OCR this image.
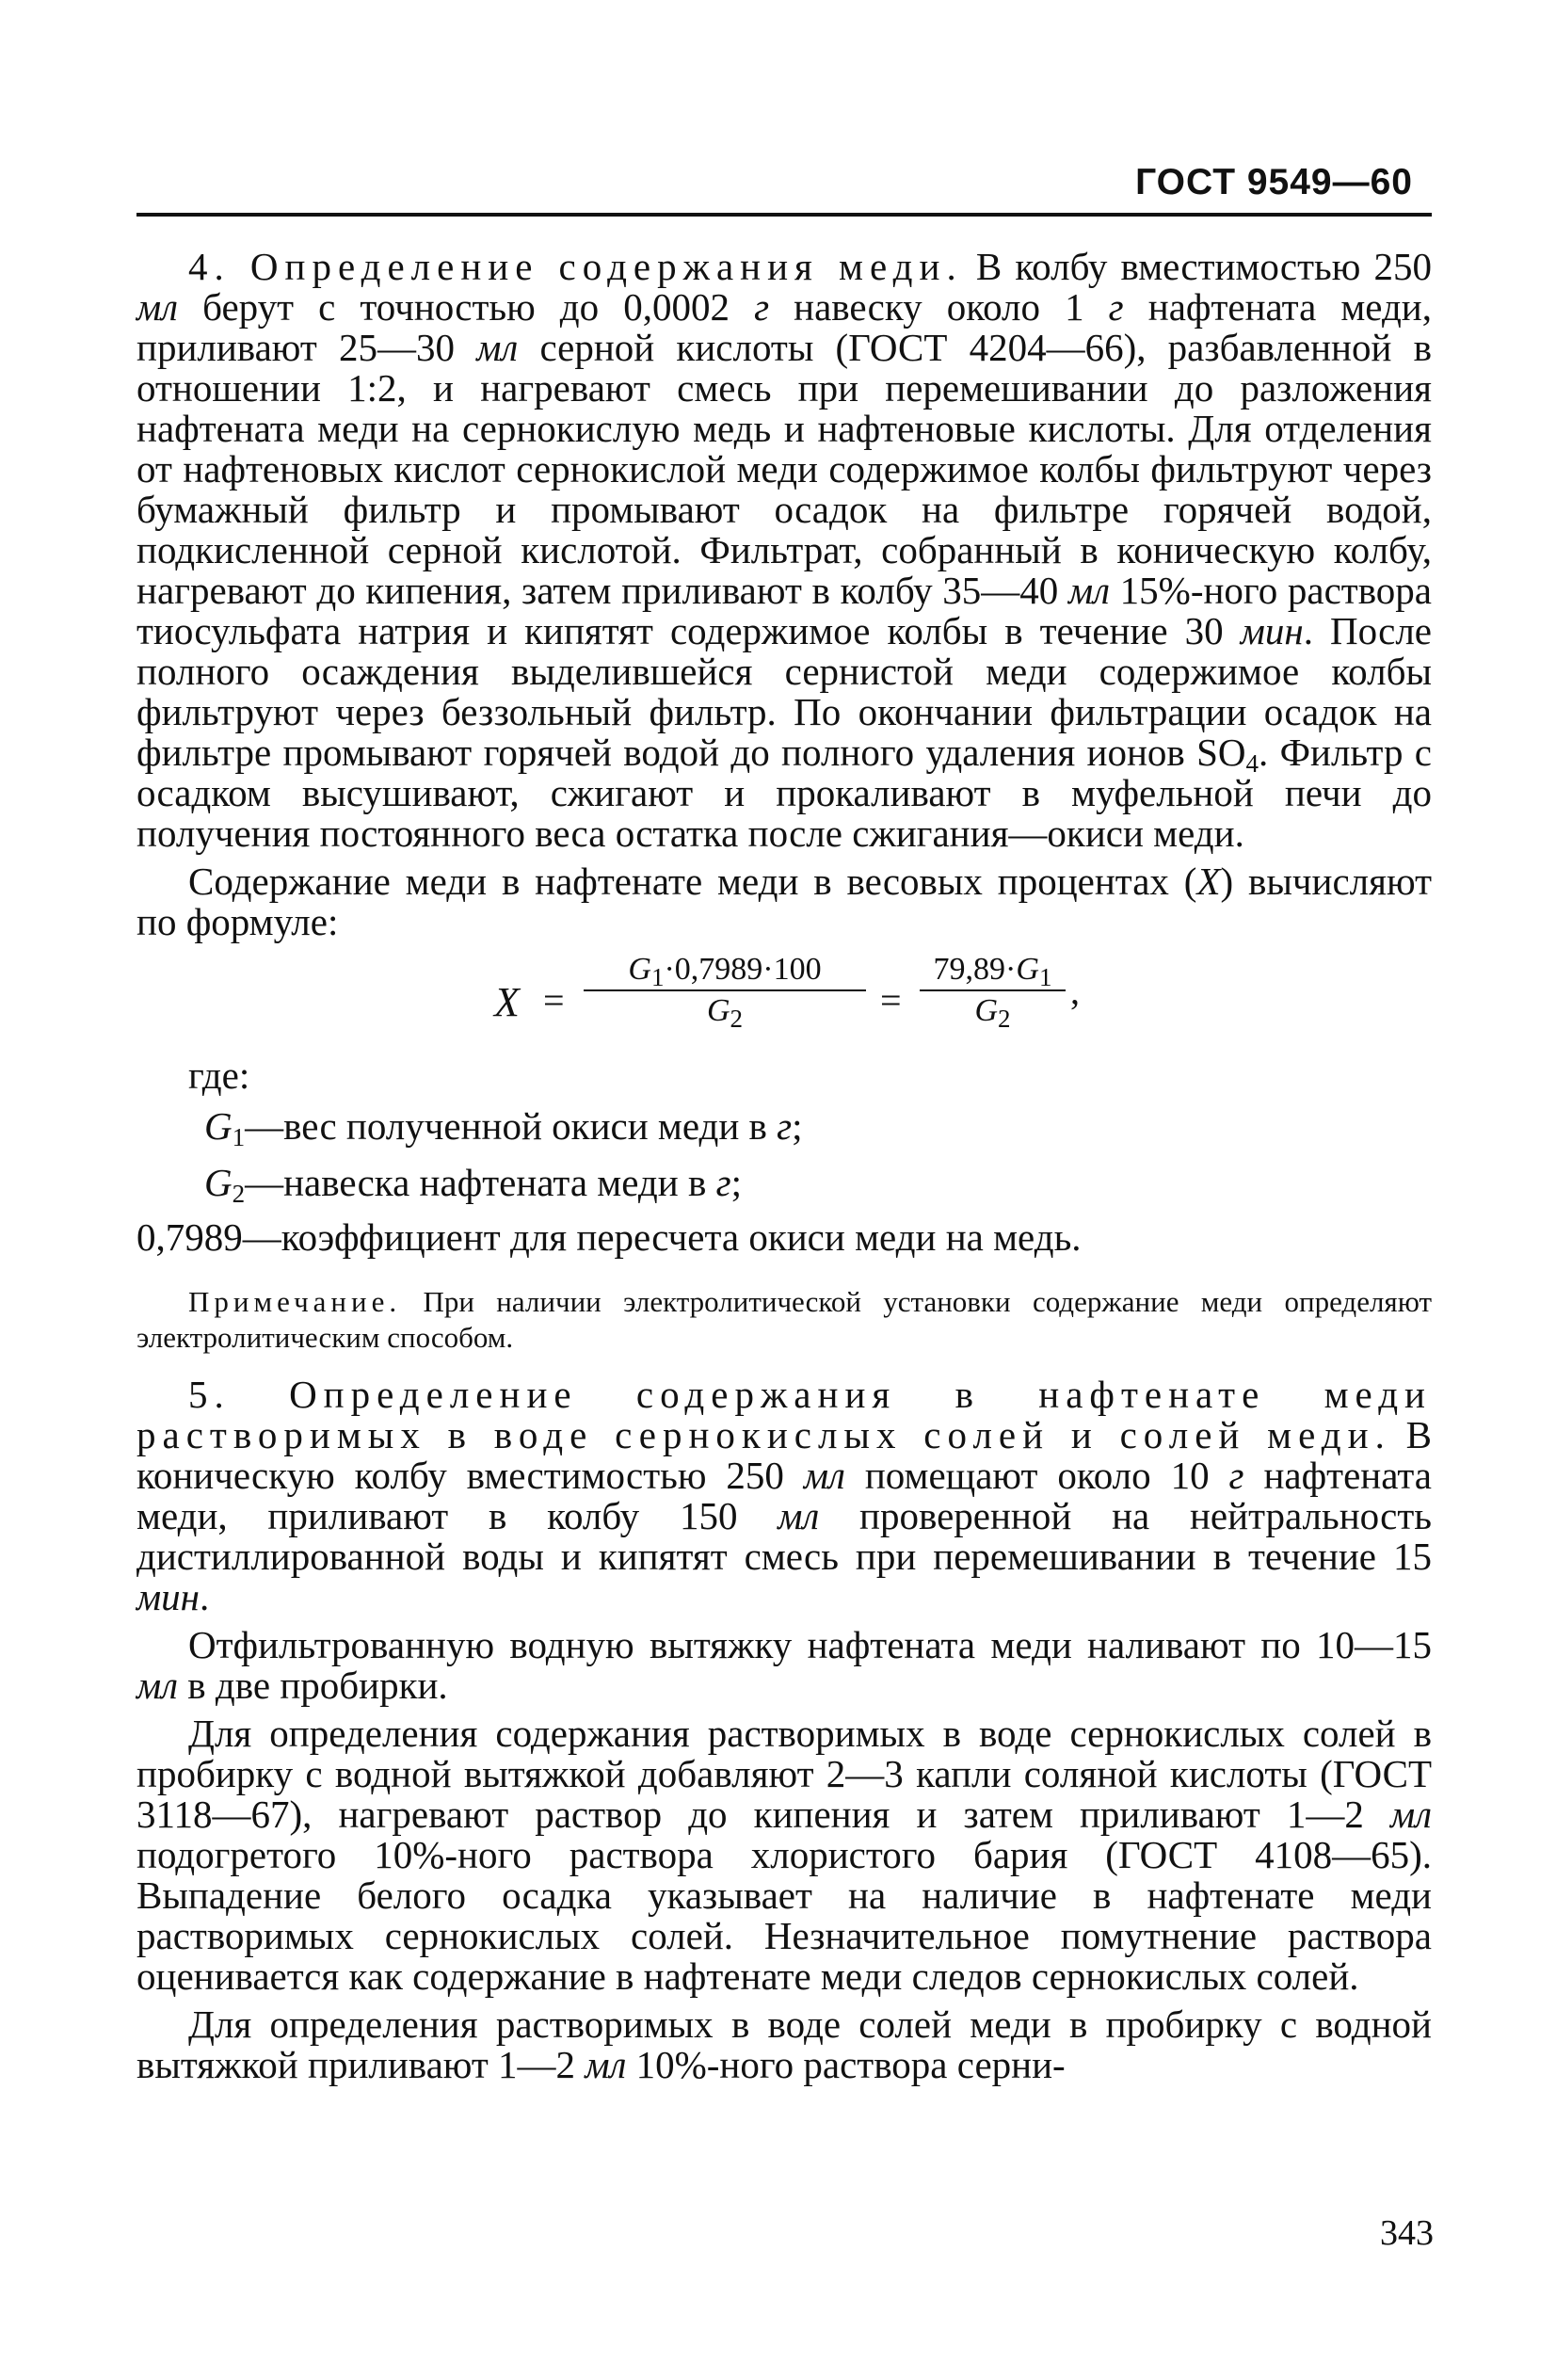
ГОСТ 9549—60

4. Определение содержания меди. В колбу вместимостью 250 мл берут с точностью до 0,0002 г навеску около 1 г нафтената меди, приливают 25—30 мл серной кислоты (ГОСТ 4204—66), разбавленной в отношении 1:2, и нагревают смесь при перемешивании до разложения нафтената меди на сернокислую медь и нафтеновые кислоты. Для отделения от нафтеновых кислот сернокислой меди содержимое колбы фильтруют через бумажный фильтр и промывают осадок на фильтре горячей водой, подкисленной серной кислотой. Фильтрат, собранный в коническую колбу, нагревают до кипения, затем приливают в колбу 35—40 мл 15%-ного раствора тиосульфата натрия и кипятят содержимое колбы в течение 30 мин. После полного осаждения выделившейся сернистой меди содержимое колбы фильтруют через беззольный фильтр. По окончании фильтрации осадок на фильтре промывают горячей водой до полного удаления ионов $SO_4$. Фильтр с осадком высушивают, сжигают и прокаливают в муфельной печи до получения постоянного веса остатка после сжигания—окиси меди.

Содержание меди в нафтенате меди в весовых процентах (X) вычисляют по формуле:

X =
$G_1\cdot 0,7989\cdot 100$
$G_2$	=
$79,89\cdot G_1$
$G_2$
,

где:

$G_1—вес$ полученной окиси меди в г;
$G_2—навеска$ нафтената меди в г;
0,7989—коэффициент для пересчета окиси меди на медь.

Примечание. При наличии электролитической установки содержание меди определяют электролитическим способом.

5. Определение содержания в нафтенате меди растворимых в воде сернокислых солей и солей меди. В коническую колбу вместимостью 250 мл помещают около 10 г нафтената меди, приливают в колбу 150 мл проверенной на нейтральность дистиллированной воды и кипятят смесь при перемешивании в течение 15 мин.

Отфильтрованную водную вытяжку нафтената меди наливают по 10—15 мл в две пробирки.

Для определения содержания растворимых в воде сернокислых солей в пробирку с водной вытяжкой добавляют 2—3 капли соляной кислоты (ГОСТ 3118—67), нагревают раствор до кипения и затем приливают 1—2 мл подогретого 10%-ного раствора хлористого бария (ГОСТ 4108—65). Выпадение белого осадка указывает на наличие в нафтенате меди растворимых сернокислых солей. Незначительное помутнение раствора оценивается как содержание в нафтенате меди следов сернокислых солей.

Для определения растворимых в воде солей меди в пробирку с водной вытяжкой приливают 1—2 мл 10%-ного раствора серни-

343
